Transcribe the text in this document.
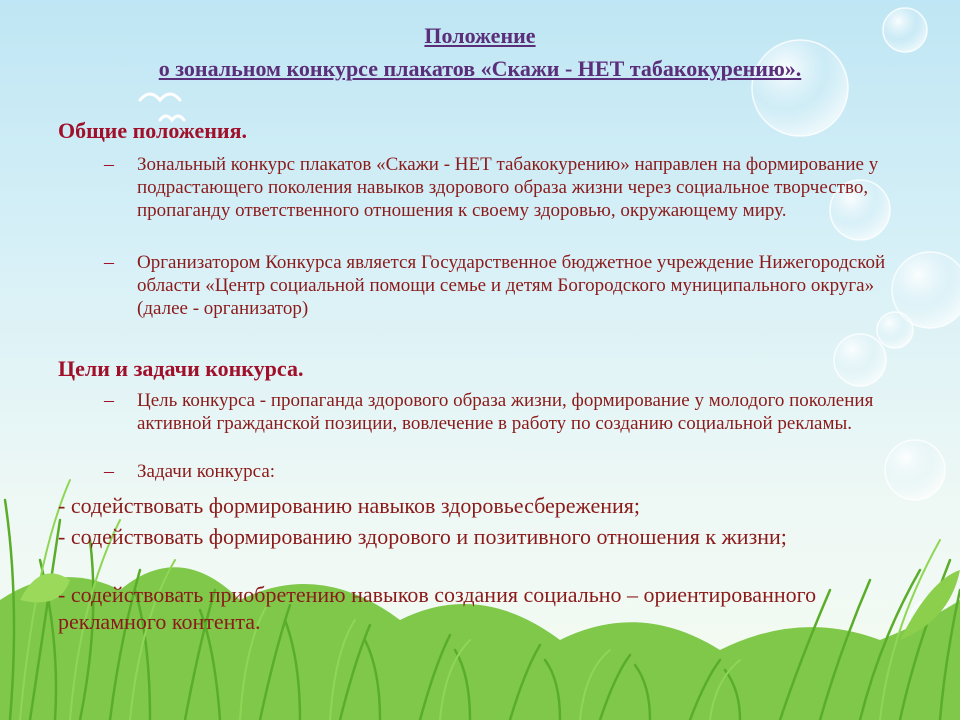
Положение
о зональном конкурсе плакатов «Скажи - НЕТ табакокурению».
Общие положения.
– Зональный конкурс плакатов «Скажи - НЕТ табакокурению» направлен на формирование у подрастающего поколения навыков здорового образа жизни через социальное творчество, пропаганду ответственного отношения к своему здоровью, окружающему миру.
– Организатором Конкурса является Государственное бюджетное учреждение Нижегородской области «Центр социальной помощи семье и детям Богородского муниципального округа» (далее - организатор)
Цели и задачи конкурса.
– Цель конкурса - пропаганда здорового образа жизни, формирование у молодого поколения активной гражданской позиции, вовлечение в работу по созданию социальной рекламы.
– Задачи конкурса:
- содействовать формированию навыков здоровьесбережения;
- содействовать формированию здорового и позитивного отношения к жизни;
- содействовать приобретению навыков создания социально – ориентированного рекламного контента.
